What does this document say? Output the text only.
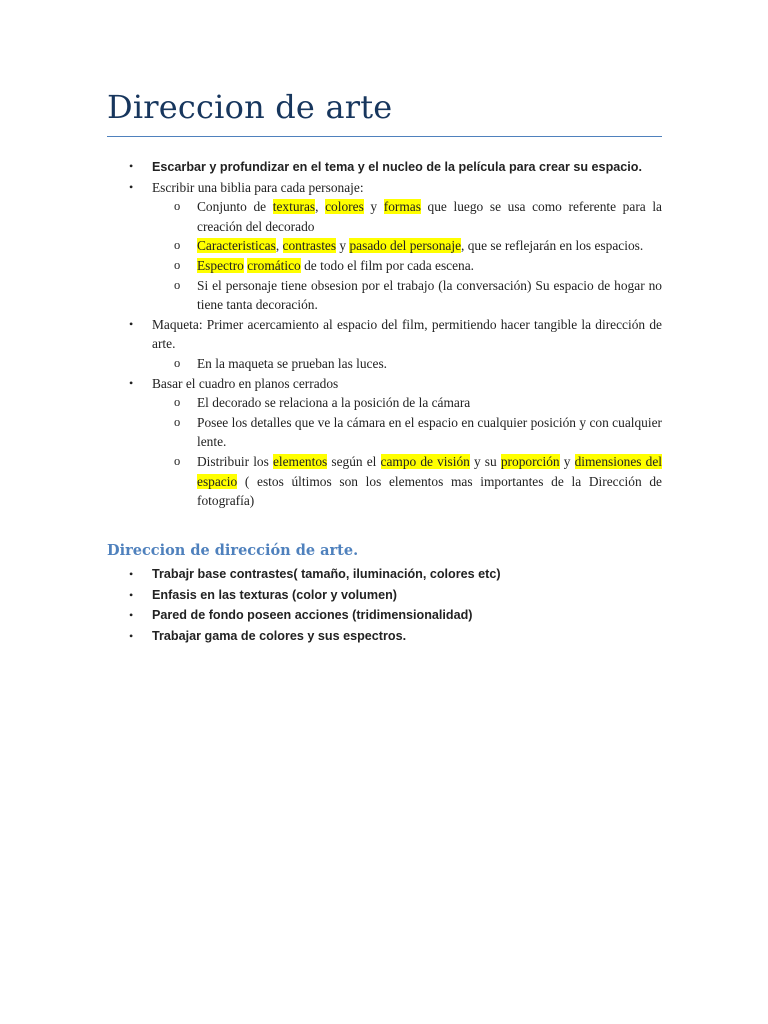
Direccion de arte
• Escarbar y profundizar en el tema y el nucleo de la película para crear su espacio.
• Escribir una biblia para cada personaje:
o Conjunto de texturas, colores y formas que luego se usa como referente para la creación del decorado
o Caracteristicas, contrastes y pasado del personaje, que se reflejarán en los espacios.
o Espectro cromático de todo el film por cada escena.
o Si el personaje tiene obsesion por el trabajo (la conversación) Su espacio de hogar no tiene tanta decoración.
• Maqueta: Primer acercamiento al espacio del film, permitiendo hacer tangible la dirección de arte.
o En la maqueta se prueban las luces.
• Basar el cuadro en planos cerrados
o El decorado se relaciona a la posición de la cámara
o Posee los detalles que ve la cámara en el espacio en cualquier posición y con cualquier lente.
o Distribuir los elementos según el campo de visión y su proporción y dimensiones del espacio ( estos últimos son los elementos mas importantes de la Dirección de fotografía)
Direccion de dirección de arte.
• Trabajr base contrastes( tamaño, iluminación, colores etc)
• Enfasis en las texturas (color y volumen)
• Pared de fondo poseen acciones (tridimensionalidad)
• Trabajar gama de colores y sus espectros.
